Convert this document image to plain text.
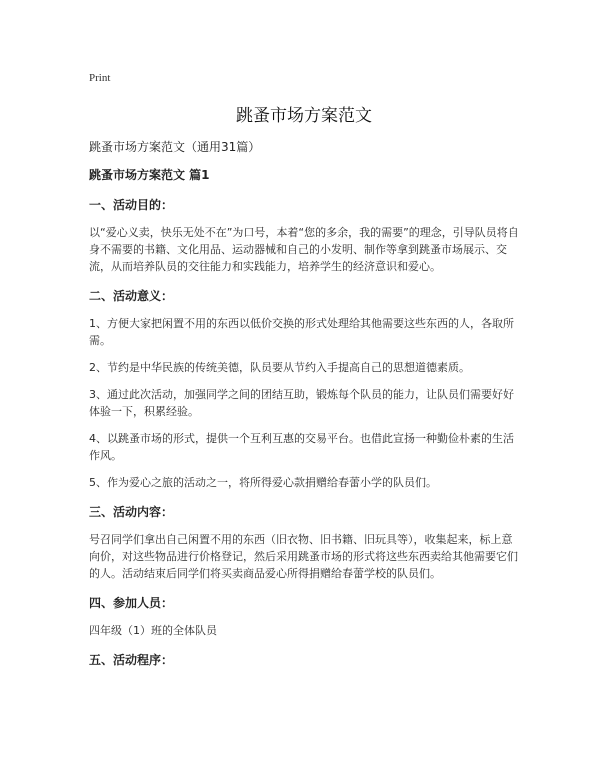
Print

跳蚤市场方案范文

跳蚤市场方案范文（通用31篇）

跳蚤市场方案范文 篇1

一、活动目的：

以“爱心义卖，快乐无处不在”为口号，本着“您的多余，我的需要”的理念，引导队员将自身不需要的书籍、文化用品、运动器械和自己的小发明、制作等拿到跳蚤市场展示、交流，从而培养队员的交往能力和实践能力，培养学生的经济意识和爱心。

二、活动意义：

1、方便大家把闲置不用的东西以低价交换的形式处理给其他需要这些东西的人，各取所需。

2、节约是中华民族的传统美德，队员要从节约入手提高自己的思想道德素质。

3、通过此次活动，加强同学之间的团结互助，锻炼每个队员的能力，让队员们需要好好体验一下，积累经验。

4、以跳蚤市场的形式，提供一个互利互惠的交易平台。也借此宣扬一种勤俭朴素的生活作风。

5、作为爱心之旅的活动之一，将所得爱心款捐赠给春蕾小学的队员们。

三、活动内容：

号召同学们拿出自己闲置不用的东西（旧衣物、旧书籍、旧玩具等），收集起来，标上意向价，对这些物品进行价格登记，然后采用跳蚤市场的形式将这些东西卖给其他需要它们的人。活动结束后同学们将买卖商品爱心所得捐赠给春蕾学校的队员们。

四、参加人员：

四年级（1）班的全体队员

五、活动程序：
